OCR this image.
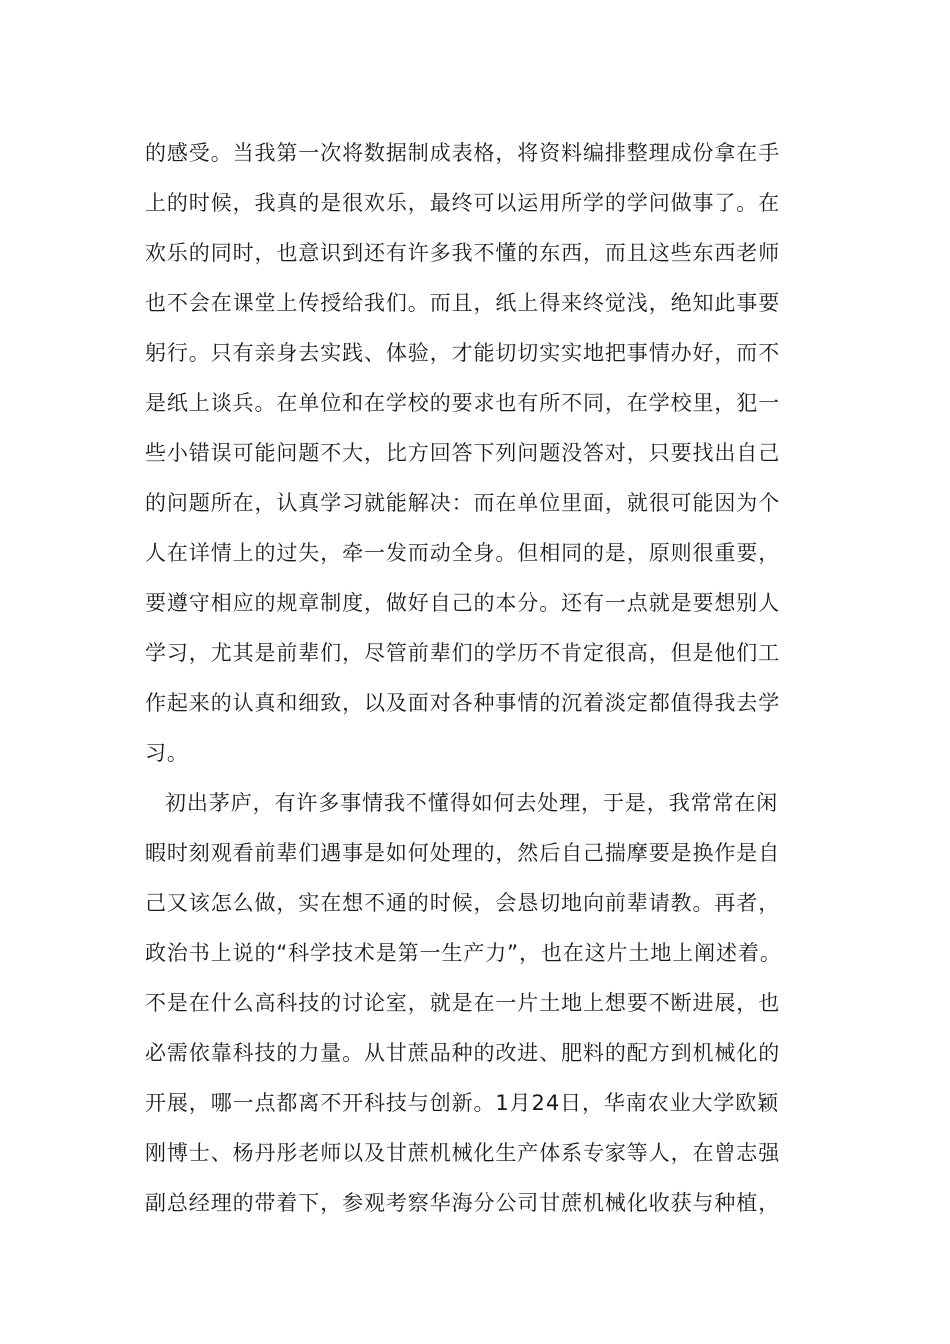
的感受。当我第一次将数据制成表格，将资料编排整理成份拿在手
上的时候，我真的是很欢乐，最终可以运用所学的学问做事了。在
欢乐的同时，也意识到还有许多我不懂的东西，而且这些东西老师
也不会在课堂上传授给我们。而且，纸上得来终觉浅，绝知此事要
躬行。只有亲身去实践、体验，才能切切实实地把事情办好，而不
是纸上谈兵。在单位和在学校的要求也有所不同，在学校里，犯一
些小错误可能问题不大，比方回答下列问题没答对，只要找出自己
的问题所在，认真学习就能解决：而在单位里面，就很可能因为个
人在详情上的过失，牵一发而动全身。但相同的是，原则很重要，
要遵守相应的规章制度，做好自己的本分。还有一点就是要想别人
学习，尤其是前辈们，尽管前辈们的学历不肯定很高，但是他们工
作起来的认真和细致，以及面对各种事情的沉着淡定都值得我去学
习。
初出茅庐，有许多事情我不懂得如何去处理，于是，我常常在闲
暇时刻观看前辈们遇事是如何处理的，然后自己揣摩要是换作是自
己又该怎么做，实在想不通的时候，会恳切地向前辈请教。再者，
政治书上说的“科学技术是第一生产力”，也在这片土地上阐述着。
不是在什么高科技的讨论室，就是在一片土地上想要不断进展，也
必需依靠科技的力量。从甘蔗品种的改进、肥料的配方到机械化的
开展，哪一点都离不开科技与创新。1月24日，华南农业大学欧颖
刚博士、杨丹彤老师以及甘蔗机械化生产体系专家等人，在曾志强
副总经理的带着下，参观考察华海分公司甘蔗机械化收获与种植，
